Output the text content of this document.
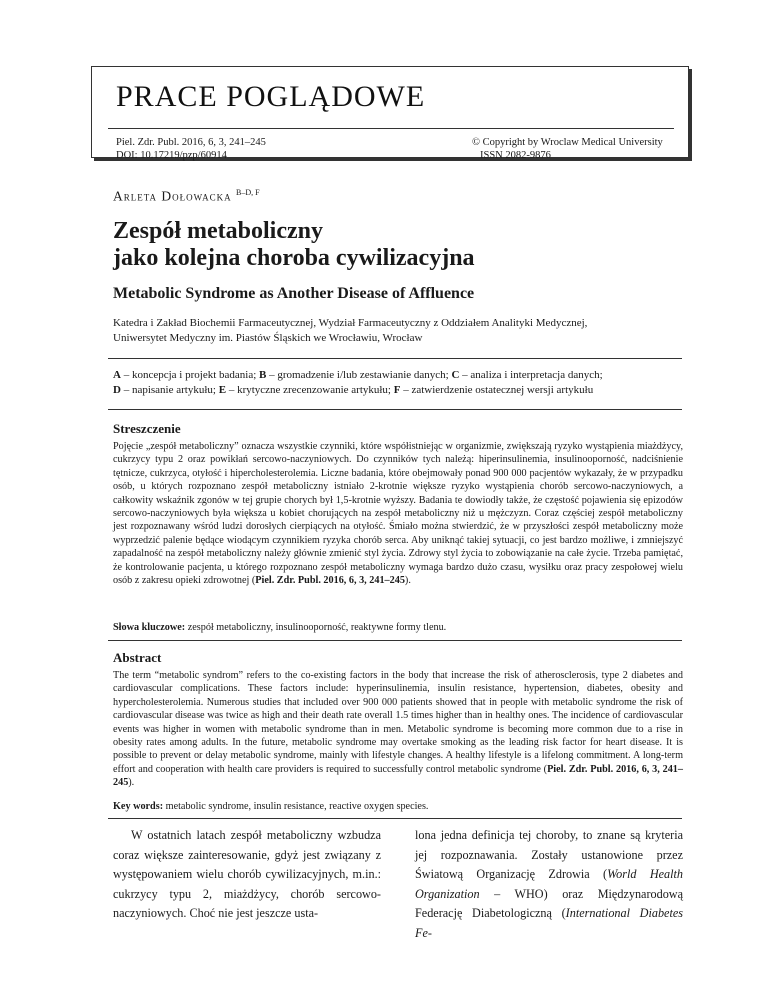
PRACE POGLĄDOWE
Piel. Zdr. Publ. 2016, 6, 3, 241–245
DOI: 10.17219/pzp/60914
© Copyright by Wroclaw Medical University
ISSN 2082-9876
Arleta Dołowacka $^{B-D, F}$
Zespół metaboliczny
jako kolejna choroba cywilizacyjna
Metabolic Syndrome as Another Disease of Affluence
Katedra i Zakład Biochemii Farmaceutycznej, Wydział Farmaceutyczny z Oddziałem Analityki Medycznej,
Uniwersytet Medyczny im. Piastów Śląskich we Wrocławiu, Wrocław
A – koncepcja i projekt badania; B – gromadzenie i/lub zestawianie danych; C – analiza i interpretacja danych;
D – napisanie artykułu; E – krytyczne zrecenzowanie artykułu; F – zatwierdzenie ostatecznej wersji artykułu
Streszczenie
Pojęcie „zespół metaboliczny” oznacza wszystkie czynniki, które współistniejąc w organizmie, zwiększają ryzyko wystąpienia miażdżycy, cukrzycy typu 2 oraz powikłań sercowo-naczyniowych. Do czynników tych należą: hiperinsulinemia, insulinooporność, nadciśnienie tętnicze, cukrzyca, otyłość i hipercholesterolemia. Liczne badania, które obejmowały ponad 900 000 pacjentów wykazały, że w przypadku osób, u których rozpoznano zespół metaboliczny istniało 2-krotnie większe ryzyko wystąpienia chorób sercowo-naczyniowych, a całkowity wskaźnik zgonów w tej grupie chorych był 1,5-krotnie wyższy. Badania te dowiodły także, że częstość pojawienia się epizodów sercowo-naczyniowych była większa u kobiet chorujących na zespół metaboliczny niż u mężczyzn. Coraz częściej zespół metaboliczny jest rozpoznawany wśród ludzi dorosłych cierpiących na otyłość. Śmiało można stwierdzić, że w przyszłości zespół metaboliczny może wyprzedzić palenie będące wiodącym czynnikiem ryzyka chorób serca. Aby uniknąć takiej sytuacji, co jest bardzo możliwe, i zmniejszyć zapadalność na zespół metaboliczny należy głównie zmienić styl życia. Zdrowy styl życia to zobowiązanie na całe życie. Trzeba pamiętać, że kontrolowanie pacjenta, u którego rozpoznano zespół metaboliczny wymaga bardzo dużo czasu, wysiłku oraz pracy zespołowej wielu osób z zakresu opieki zdrowotnej (Piel. Zdr. Publ. 2016, 6, 3, 241–245).
Słowa kluczowe: zespół metaboliczny, insulinooporność, reaktywne formy tlenu.
Abstract
The term “metabolic syndrom” refers to the co-existing factors in the body that increase the risk of atherosclerosis, type 2 diabetes and cardiovascular complications. These factors include: hyperinsulinemia, insulin resistance, hypertension, diabetes, obesity and hypercholesterolemia. Numerous studies that included over 900 000 patients showed that in people with metabolic syndrome the risk of cardiovascular disease was twice as high and their death rate overall 1.5 times higher than in healthy ones. The incidence of cardiovascular events was higher in women with metabolic syndrome than in men. Metabolic syndrome is becoming more common due to a rise in obesity rates among adults. In the future, metabolic syndrome may overtake smoking as the leading risk factor for heart disease. It is possible to prevent or delay metabolic syndrome, mainly with lifestyle changes. A healthy lifestyle is a lifelong commitment. A long-term effort and cooperation with health care providers is required to successfully control metabolic syndrome (Piel. Zdr. Publ. 2016, 6, 3, 241–245).
Key words: metabolic syndrome, insulin resistance, reactive oxygen species.
W ostatnich latach zespół metaboliczny wzbudza coraz większe zainteresowanie, gdyż jest związany z występowaniem wielu chorób cywilizacyjnych, m.in.: cukrzycy typu 2, miażdżycy, chorób sercowo-naczyniowych. Choć nie jest jeszcze usta-
lona jedna definicja tej choroby, to znane są kryteria jej rozpoznawania. Zostały ustanowione przez Światową Organizację Zdrowia (World Health Organization – WHO) oraz Międzynarodową Federację Diabetologiczną (International Diabetes Fe-
